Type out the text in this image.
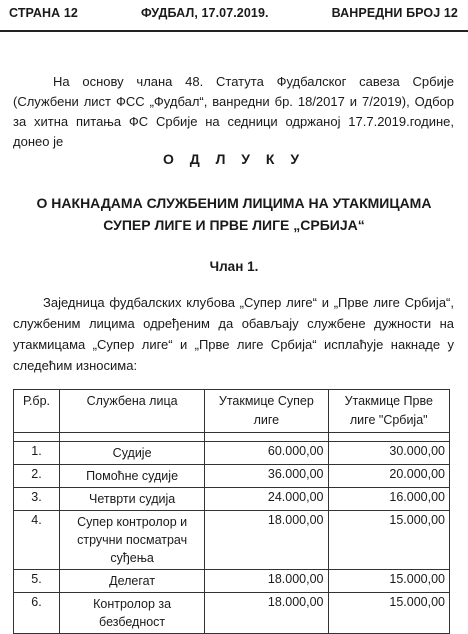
СТРАНА 12	ФУДБАЛ, 17.07.2019.	ВАНРЕДНИ БРОЈ 12

На основу члана 48. Статута Фудбалског савеза Србије (Службени лист ФСС „Фудбал“, ванредни бр. 18/2017 и 7/2019), Одбор за хитна питања ФС Србије на седници одржаној 17.7.2019.године, донео је

О Д Л У К У
О НАКНАДАМА СЛУЖБЕНИМ ЛИЦИМА НА УТАКМИЦАМА
СУПЕР ЛИГЕ И ПРВЕ ЛИГЕ „СРБИЈА“
Члан 1.

Заједница фудбалских клубова „Супер лиге“ и „Прве лиге Србија“, службеним лицима одређеним да обављају службене дужности на утакмицама „Супер лиге“ и „Прве лиге Србија“ исплаћује накнаде у следећим износима:

Р.бр.	Службена лица	Утакмице Супер лиге	Утакмице Прве лиге "Србија"

1.	Судије	60.000,00	30.000,00
2.	Помоћне судије	36.000,00	20.000,00
3.	Четврти судија	24.000,00	16.000,00
4.	Супер контролор и стручни посматрач суђења	18.000,00	15.000,00
5.	Делегат	18.000,00	15.000,00
6.	Контролор за безбедност	18.000,00	15.000,00
